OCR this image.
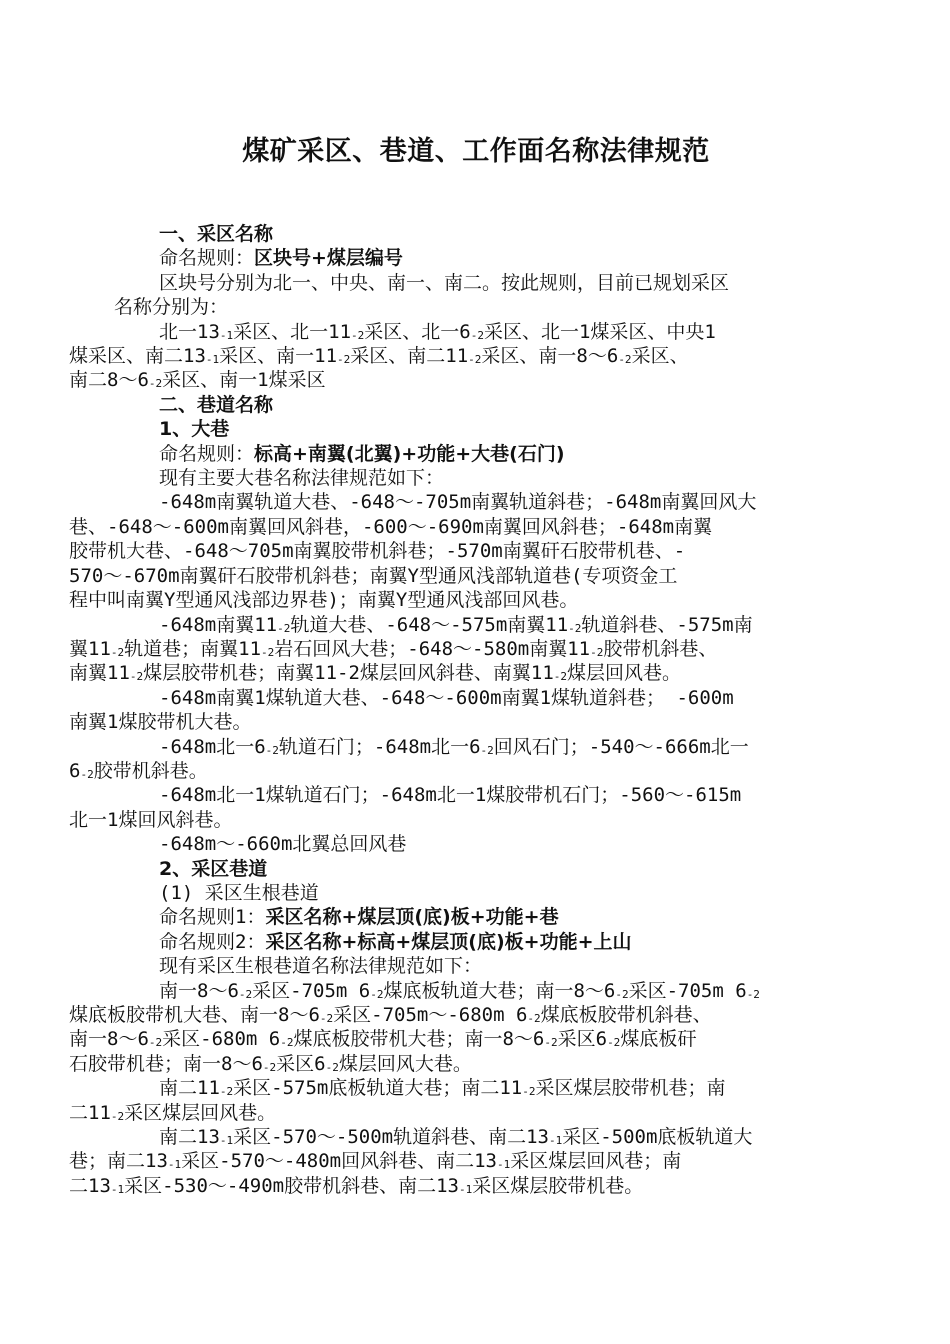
煤矿采区、巷道、工作面名称法律规范

一、采区名称

命名规则：区块号+煤层编号

区块号分别为北一、中央、南一、南二。按此规则，目前已规划采区

名称分别为：

北一$13_{-1}$采区、北一$11_{-2}$采区、北一$6_{-2}$采区、北一1煤采区、中央1
煤采区、南二$13_{-1}$采区、南一$11_{-2}$采区、南二$11_{-2}$采区、南一$8\sim 6_{-2}$采区、
南二$8\sim 6_{-2}$采区、南一1煤采区

二、巷道名称

1、大巷

命名规则：标高+南翼(北翼)+功能+大巷(石门)

现有主要大巷名称法律规范如下：

-648m南翼轨道大巷、-648～-705m南翼轨道斜巷；-648m南翼回风大
巷、-648～-600m南翼回风斜巷，-600～-690m南翼回风斜巷；-648m南翼
胶带机大巷、-648～705m南翼胶带机斜巷；-570m南翼矸石胶带机巷、-
570～-670m南翼矸石胶带机斜巷；南翼Y型通风浅部轨道巷(专项资金工
程中叫南翼Y型通风浅部边界巷)；南翼Y型通风浅部回风巷。

-648m南翼$11_{-2}$轨道大巷、-648～-575m南翼$11_{-2}$轨道斜巷、-575m南
翼$11_{-2}$轨道巷；南翼$11_{-2}$岩石回风大巷；-648～-580m南翼$11_{-2}$胶带机斜巷、
南翼$11_{-2}$煤层胶带机巷；南翼11-2煤层回风斜巷、南翼$11_{-2}$煤层回风巷。

-648m南翼1煤轨道大巷、-648～-600m南翼1煤轨道斜巷； -600m
南翼1煤胶带机大巷。

-648m北一$6_{-2}$轨道石门；-648m北一$6_{-2}$回风石门；-540～-666m北一
$6_{-2}$胶带机斜巷。

-648m北一1煤轨道石门；-648m北一1煤胶带机石门；-560～-615m
北一1煤回风斜巷。

-648m～-660m北翼总回风巷

2、采区巷道

(1) 采区生根巷道

命名规则1：采区名称+煤层顶(底)板+功能+巷

命名规则2：采区名称+标高+煤层顶(底)板+功能+上山

现有采区生根巷道名称法律规范如下：

南一$8\sim 6_{-2}$采区-705m $6_{-2}$煤底板轨道大巷；南一$8\sim 6_{-2}$采区-705m $6_{-2}$
煤底板胶带机大巷、南一$8\sim 6_{-2}$采区-705m～-680m $6_{-2}$煤底板胶带机斜巷、
南一$8\sim 6_{-2}$采区-680m $6_{-2}$煤底板胶带机大巷；南一$8\sim 6_{-2}$采区$6_{-2}$煤底板矸
石胶带机巷；南一$8\sim 6_{-2}$采区$6_{-2}$煤层回风大巷。

南二$11_{-2}$采区-575m底板轨道大巷；南二$11_{-2}$采区煤层胶带机巷；南
二$11_{-2}$采区煤层回风巷。

南二$13_{-1}$采区-570～-500m轨道斜巷、南二$13_{-1}$采区-500m底板轨道大
巷；南二$13_{-1}$采区-570～-480m回风斜巷、南二$13_{-1}$采区煤层回风巷；南
二$13_{-1}$采区-530～-490m胶带机斜巷、南二$13_{-1}$采区煤层胶带机巷。
